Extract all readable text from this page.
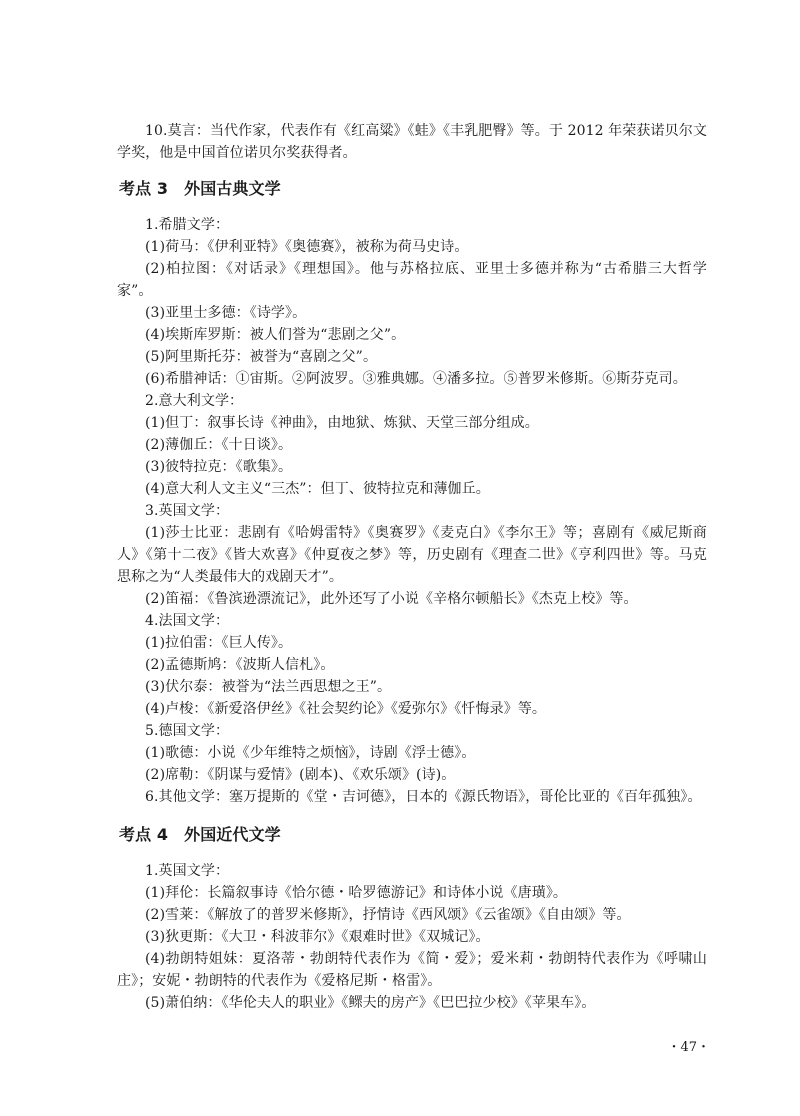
10.莫言：当代作家，代表作有《红高粱》《蛙》《丰乳肥臀》等。于 2012 年荣获诺贝尔文学奖，他是中国首位诺贝尔奖获得者。

考点 3 外国古典文学

1.希腊文学：

(1)荷马：《伊利亚特》《奥德赛》，被称为荷马史诗。

(2)柏拉图：《对话录》《理想国》。他与苏格拉底、亚里士多德并称为“古希腊三大哲学家”。

(3)亚里士多德：《诗学》。

(4)埃斯库罗斯：被人们誉为“悲剧之父”。

(5)阿里斯托芬：被誉为“喜剧之父”。

(6)希腊神话：①宙斯。②阿波罗。③雅典娜。④潘多拉。⑤普罗米修斯。⑥斯芬克司。

2.意大利文学：

(1)但丁：叙事长诗《神曲》，由地狱、炼狱、天堂三部分组成。

(2)薄伽丘：《十日谈》。

(3)彼特拉克：《歌集》。

(4)意大利人文主义“三杰”：但丁、彼特拉克和薄伽丘。

3.英国文学：

(1)莎士比亚：悲剧有《哈姆雷特》《奥赛罗》《麦克白》《李尔王》等；喜剧有《威尼斯商人》《第十二夜》《皆大欢喜》《仲夏夜之梦》等，历史剧有《理查二世》《亨利四世》等。马克思称之为“人类最伟大的戏剧天才”。

(2)笛福：《鲁滨逊漂流记》，此外还写了小说《辛格尔顿船长》《杰克上校》等。

4.法国文学：

(1)拉伯雷：《巨人传》。

(2)孟德斯鸠：《波斯人信札》。

(3)伏尔泰：被誉为“法兰西思想之王”。

(4)卢梭：《新爱洛伊丝》《社会契约论》《爱弥尔》《忏悔录》等。

5.德国文学：

(1)歌德：小说《少年维特之烦恼》，诗剧《浮士德》。

(2)席勒：《阴谋与爱情》(剧本)、《欢乐颂》(诗)。

6.其他文学：塞万提斯的《堂・吉诃德》，日本的《源氏物语》，哥伦比亚的《百年孤独》。

考点 4 外国近代文学

1.英国文学：

(1)拜伦：长篇叙事诗《恰尔德・哈罗德游记》和诗体小说《唐璜》。

(2)雪莱：《解放了的普罗米修斯》，抒情诗《西风颂》《云雀颂》《自由颂》等。

(3)狄更斯：《大卫・科波菲尔》《艰难时世》《双城记》。

(4)勃朗特姐妹：夏洛蒂・勃朗特代表作为《简・爱》；爱米莉・勃朗特代表作为《呼啸山庄》；安妮・勃朗特的代表作为《爱格尼斯・格雷》。

(5)萧伯纳：《华伦夫人的职业》《鳏夫的房产》《巴巴拉少校》《苹果车》。

・47・
